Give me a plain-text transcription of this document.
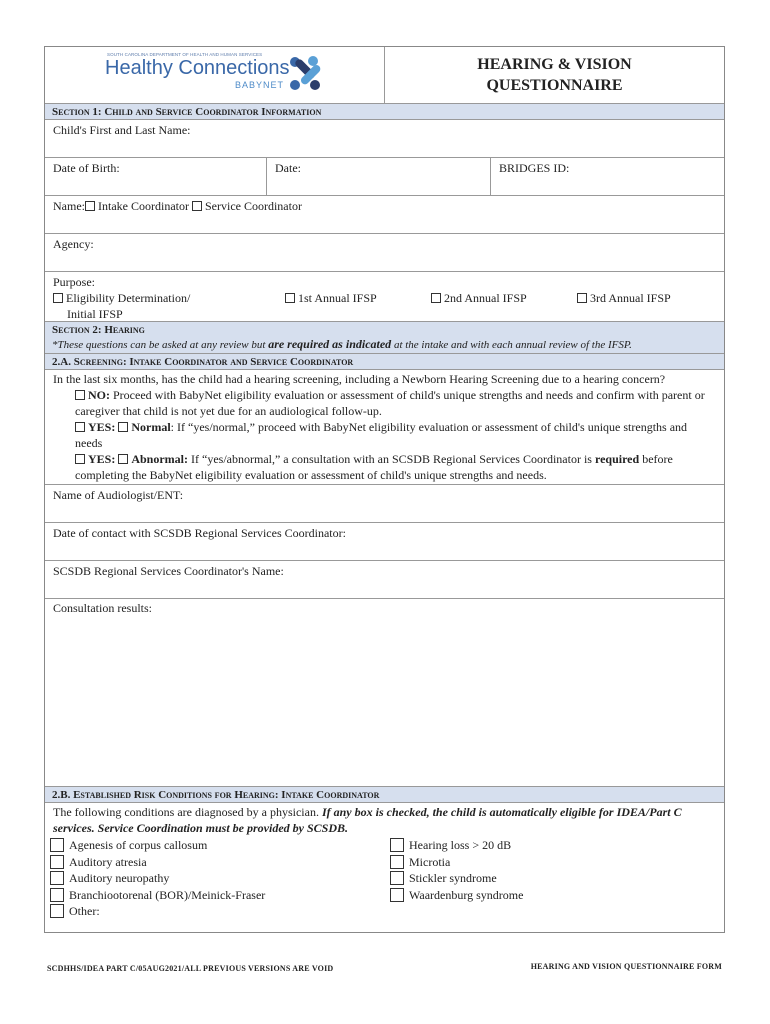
SOUTH CAROLINA DEPARTMENT OF HEALTH AND HUMAN SERVICES
Healthy Connections
BABYNET
HEARING & VISION
QUESTIONNAIRE
Section 1: Child and Service Coordinator Information
Child's First and Last Name:
Date of Birth:	Date:	BRIDGES ID:
Name: Intake Coordinator Service Coordinator
Agency:
Purpose:
Eligibility Determination/
Initial IFSP
1st Annual IFSP	2nd Annual IFSP	3rd Annual IFSP
Section 2: Hearing
*These questions can be asked at any review but are required as indicated at the intake and with each annual review of the IFSP.
2.A. Screening: Intake Coordinator and Service Coordinator
In the last six months, has the child had a hearing screening, including a Newborn Hearing Screening due to a hearing concern?
NO: Proceed with BabyNet eligibility evaluation or assessment of child's unique strengths and needs and confirm with parent or caregiver that child is not yet due for an audiological follow-up.
YES: Normal: If “yes/normal,” proceed with BabyNet eligibility evaluation or assessment of child's unique strengths and needs
YES: Abnormal: If “yes/abnormal,” a consultation with an SCSDB Regional Services Coordinator is required before completing the BabyNet eligibility evaluation or assessment of child's unique strengths and needs.
Name of Audiologist/ENT:
Date of contact with SCSDB Regional Services Coordinator:
SCSDB Regional Services Coordinator's Name:
Consultation results:
2.B. Established Risk Conditions for Hearing: Intake Coordinator
The following conditions are diagnosed by a physician. If any box is checked, the child is automatically eligible for IDEA/Part C services. Service Coordination must be provided by SCSDB.
Agenesis of corpus callosum	Hearing loss > 20 dB
Auditory atresia	Microtia
Auditory neuropathy	Stickler syndrome
Branchiootorenal (BOR)/Meinick-Fraser	Waardenburg syndrome
Other:
SCDHHS/IDEA PART C/05AUG2021/ALL PREVIOUS VERSIONS ARE VOID	HEARING AND VISION QUESTIONNAIRE FORM
